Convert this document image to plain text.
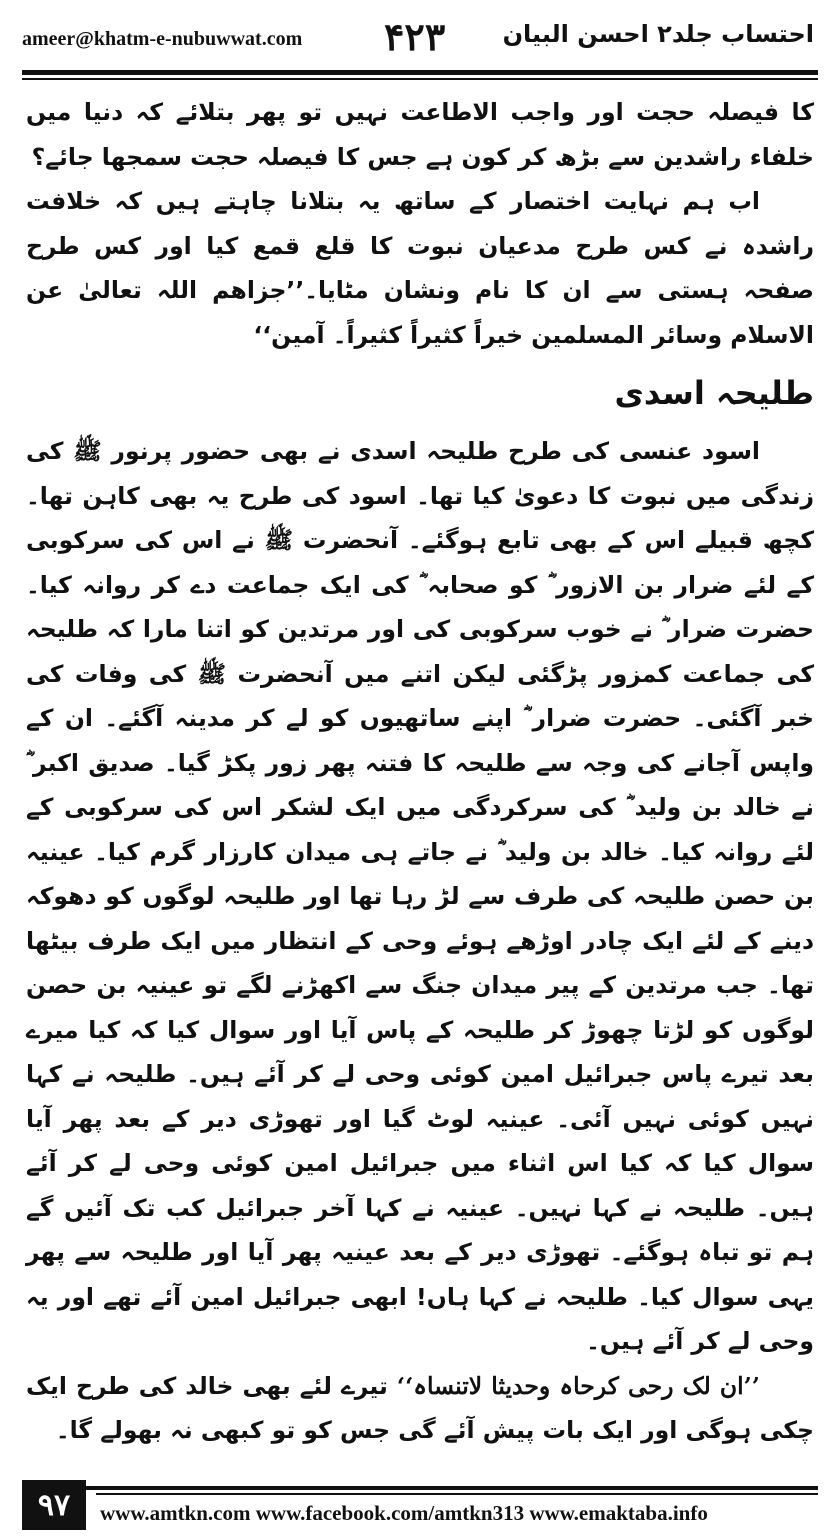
ameer@khatm-e-nubuwwat.com ۴۲۳ احتساب جلد۲ احسن البیان

کا فیصلہ حجت اور واجب الاطاعت نہیں تو پھر بتلائے کہ دنیا میں خلفاء راشدین سے بڑھ کر کون ہے جس کا فیصلہ حجت سمجھا جائے؟

اب ہم نہایت اختصار کے ساتھ یہ بتلانا چاہتے ہیں کہ خلافت راشدہ نے کس طرح مدعیان نبوت کا قلع قمع کیا اور کس طرح صفحہ ہستی سے ان کا نام ونشان مٹایا۔’’جزاھم اللہ تعالیٰ عن الاسلام وسائر المسلمین خیراً کثیراً کثیراً۔ آمین‘‘

طلیحہ اسدی

اسود عنسی کی طرح طلیحہ اسدی نے بھی حضور پرنور ﷺ کی زندگی میں نبوت کا دعویٰ کیا تھا۔ اسود کی طرح یہ بھی کاہن تھا۔ کچھ قبیلے اس کے بھی تابع ہوگئے۔ آنحضرت ﷺ نے اس کی سرکوبی کے لئے ضرار بن الازور ؓ کو صحابہ ؓ کی ایک جماعت دے کر روانہ کیا۔ حضرت ضرار ؓ نے خوب سرکوبی کی اور مرتدین کو اتنا مارا کہ طلیحہ کی جماعت کمزور پڑگئی لیکن اتنے میں آنحضرت ﷺ کی وفات کی خبر آگئی۔ حضرت ضرار ؓ اپنے ساتھیوں کو لے کر مدینہ آگئے۔ ان کے واپس آجانے کی وجہ سے طلیحہ کا فتنہ پھر زور پکڑ گیا۔ صدیق اکبر ؓ نے خالد بن ولید ؓ کی سرکردگی میں ایک لشکر اس کی سرکوبی کے لئے روانہ کیا۔ خالد بن ولید ؓ نے جاتے ہی میدان کارزار گرم کیا۔ عینیہ بن حصن طلیحہ کی طرف سے لڑ رہا تھا اور طلیحہ لوگوں کو دھوکہ دینے کے لئے ایک چادر اوڑھے ہوئے وحی کے انتظار میں ایک طرف بیٹھا تھا۔ جب مرتدین کے پیر میدان جنگ سے اکھڑنے لگے تو عینیہ بن حصن لوگوں کو لڑتا چھوڑ کر طلیحہ کے پاس آیا اور سوال کیا کہ کیا میرے بعد تیرے پاس جبرائیل امین کوئی وحی لے کر آئے ہیں۔ طلیحہ نے کہا نہیں کوئی نہیں آئی۔ عینیہ لوٹ گیا اور تھوڑی دیر کے بعد پھر آیا سوال کیا کہ کیا اس اثناء میں جبرائیل امین کوئی وحی لے کر آئے ہیں۔ طلیحہ نے کہا نہیں۔ عینیہ نے کہا آخر جبرائیل کب تک آئیں گے ہم تو تباہ ہوگئے۔ تھوڑی دیر کے بعد عینیہ پھر آیا اور طلیحہ سے پھر یہی سوال کیا۔ طلیحہ نے کہا ہاں! ابھی جبرائیل امین آئے تھے اور یہ وحی لے کر آئے ہیں۔

’’ان لک رحی کرحاہ وحدیثا لاتنساہ‘‘ تیرے لئے بھی خالد کی طرح ایک چکی ہوگی اور ایک بات پیش آئے گی جس کو تو کبھی نہ بھولے گا۔

۹۷	www.amtkn.com www.facebook.com/amtkn313 www.emaktaba.info
